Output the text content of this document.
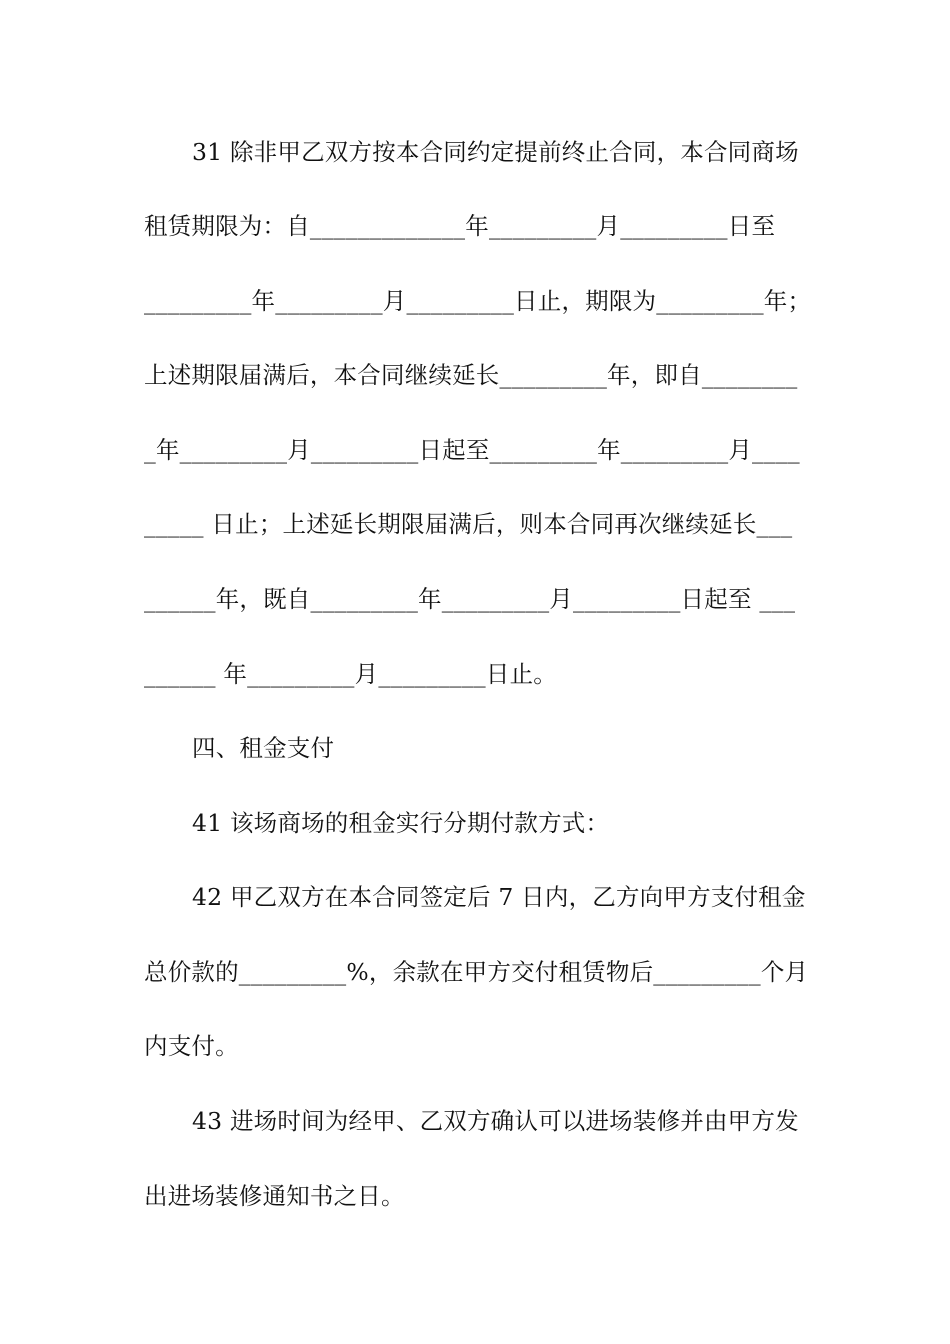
31 除非甲乙双方按本合同约定提前终止合同，本合同商场
租赁期限为：自_____________年_________月_________日至
_________年_________月_________日止，期限为_________年；
上述期限届满后，本合同继续延长_________年，即自________
_年_________月_________日起至_________年_________月____
_____ 日止；上述延长期限届满后，则本合同再次继续延长___
______年，既自_________年_________月_________日起至 ___
______ 年_________月_________日止。
四、租金支付
41 该场商场的租金实行分期付款方式：
42 甲乙双方在本合同签定后 7 日内，乙方向甲方支付租金
总价款的_________%，余款在甲方交付租赁物后_________个月
内支付。
43 进场时间为经甲、乙双方确认可以进场装修并由甲方发
出进场装修通知书之日。
